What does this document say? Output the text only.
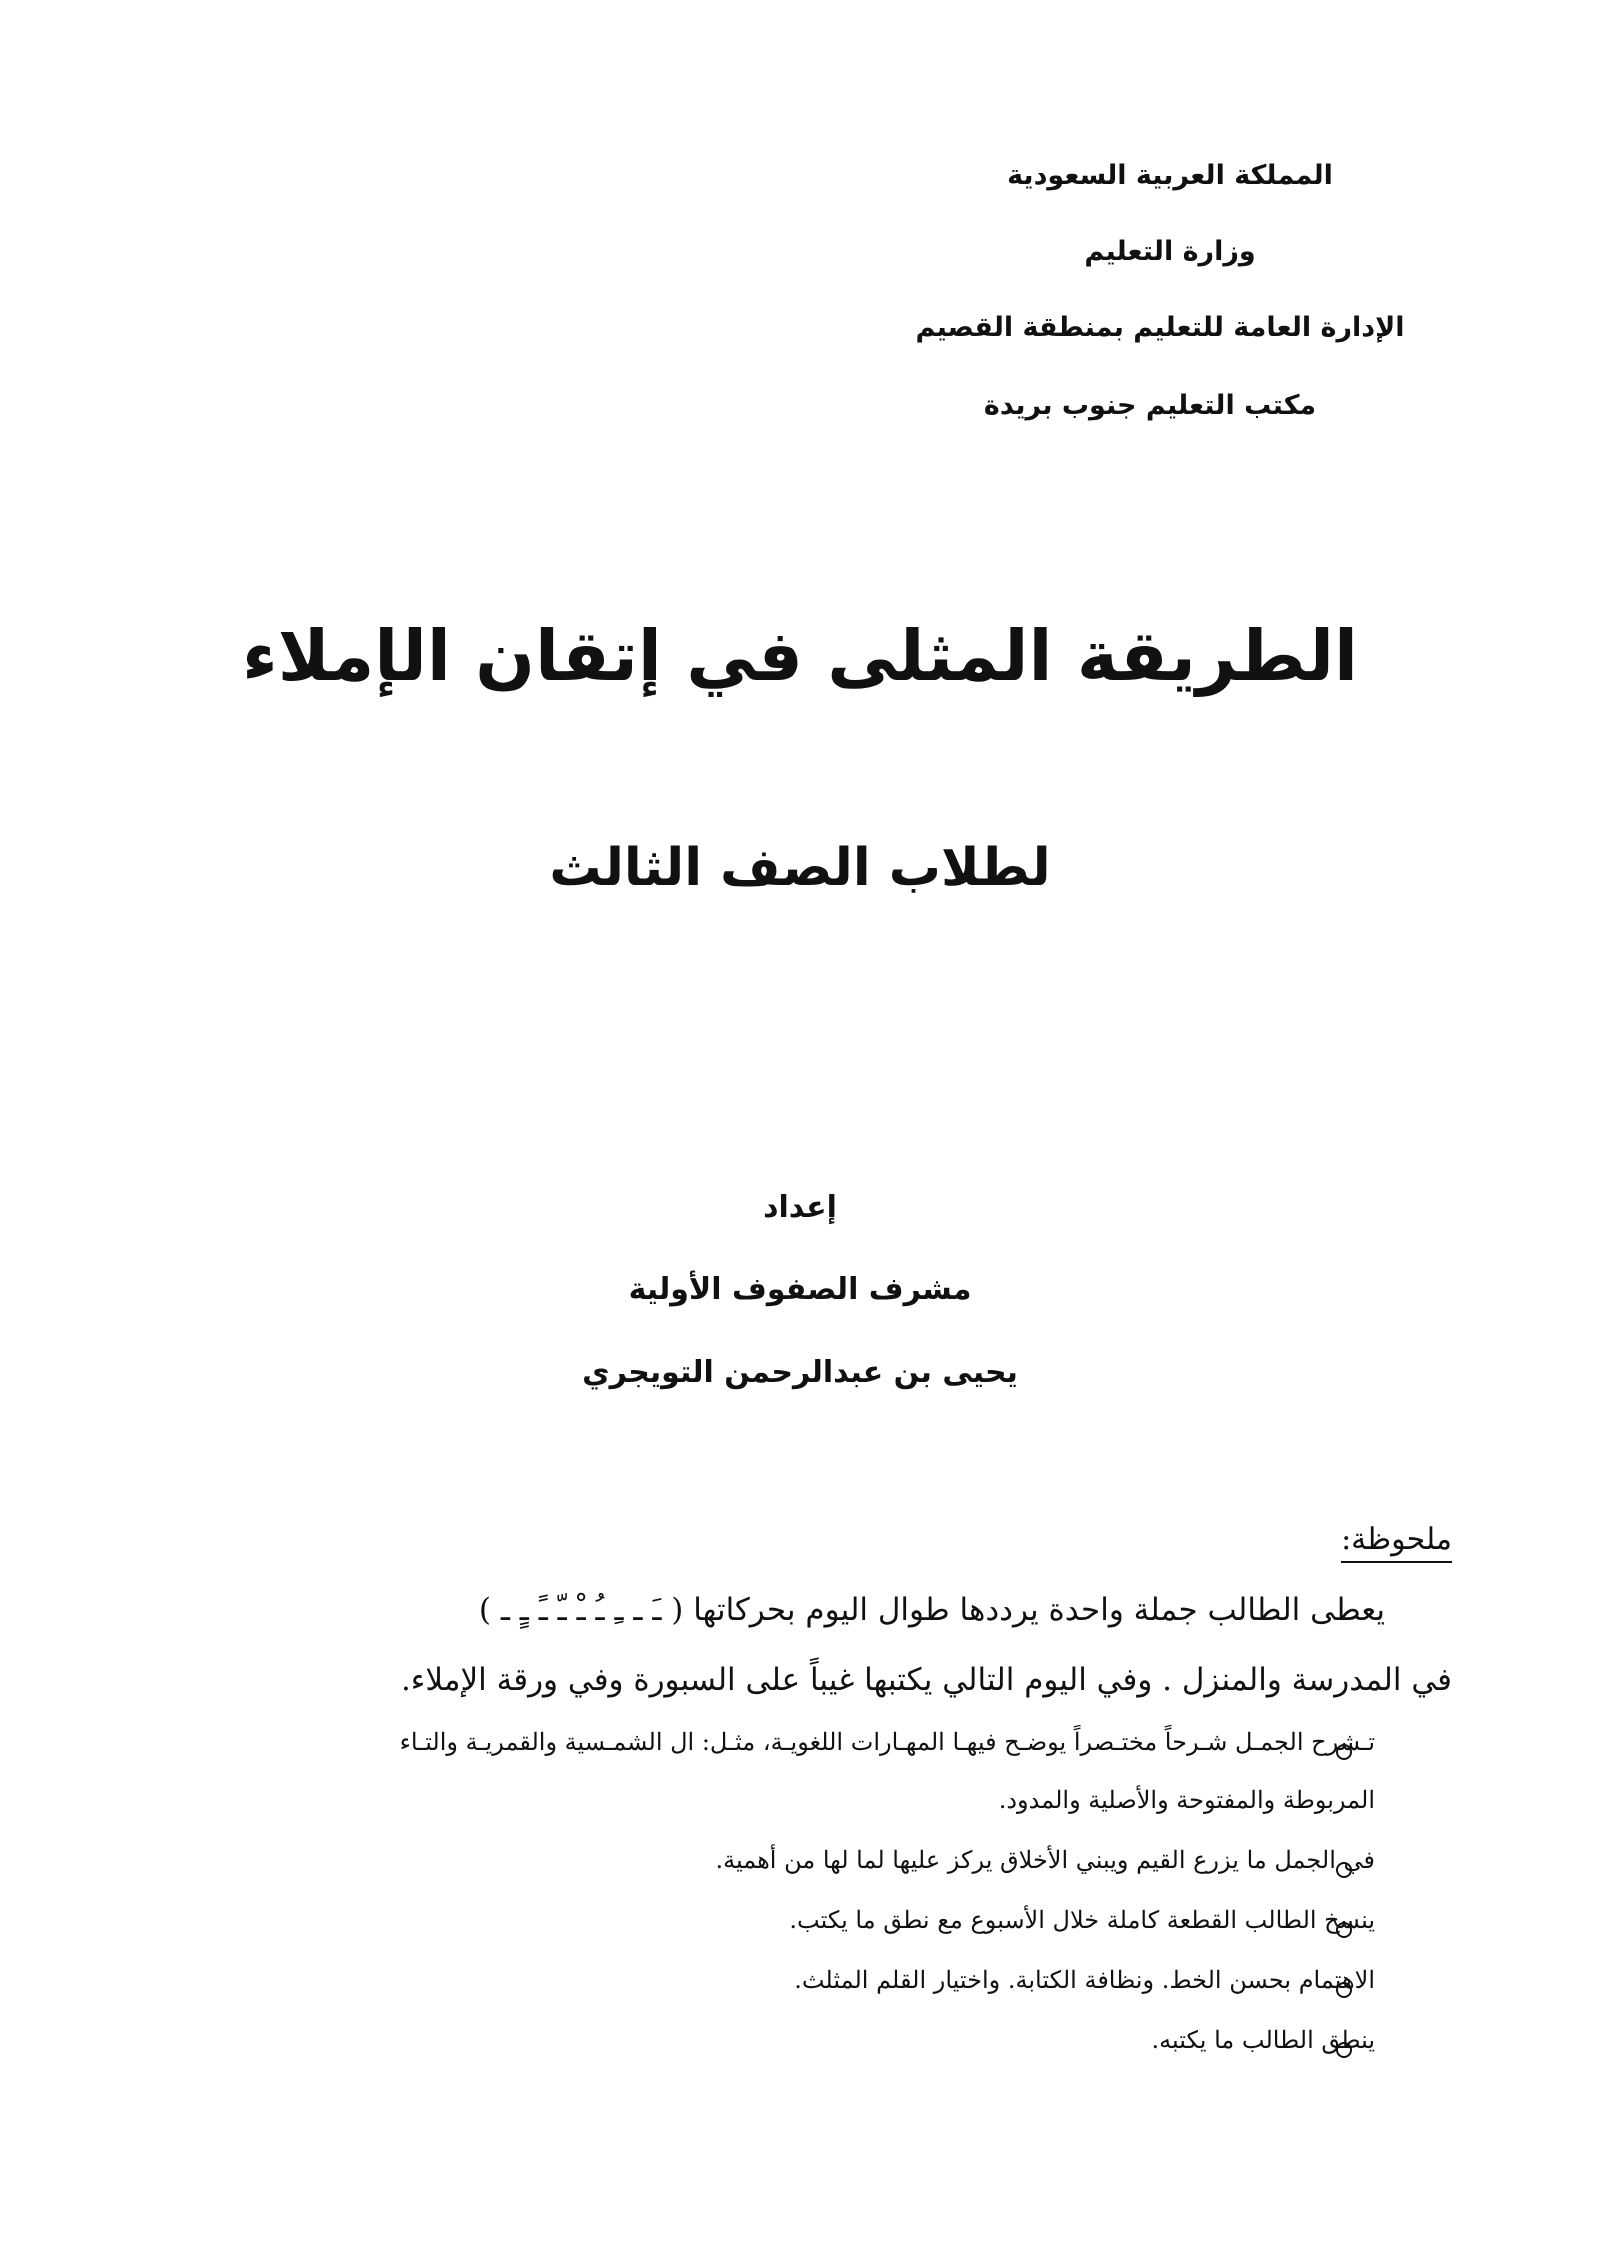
المملكة العربية السعودية
وزارة التعليم
الإدارة العامة للتعليم بمنطقة القصيم
مكتب التعليم جنوب بريدة
الطريقة المثلى في إتقان الإملاء
لطلاب الصف الثالث
إعداد
مشرف الصفوف الأولية
يحيى بن عبدالرحمن التويجري
ملحوظة:
يعطى الطالب جملة واحدة يرددها طوال اليوم بحركاتها ( ـَ ـ ـِ ـُ ـْ ـّ ـً ـٍ ـ )
في المدرسة والمنزل . وفي اليوم التالي يكتبها غيباً على السبورة وفي ورقة الإملاء.
تـشرح الجمـل شـرحاً مختـصراً يوضـح فيهـا المهـارات اللغويـة، مثـل: ال الشمـسية والقمريـة والتـاء
المربوطة والمفتوحة والأصلية والمدود.
في الجمل ما يزرع القيم ويبني الأخلاق يركز عليها لما لها من أهمية.
ينسخ الطالب القطعة كاملة خلال الأسبوع مع نطق ما يكتب.
الاهتمام بحسن الخط. ونظافة الكتابة. واختيار القلم المثلث.
ينطق الطالب ما يكتبه.
